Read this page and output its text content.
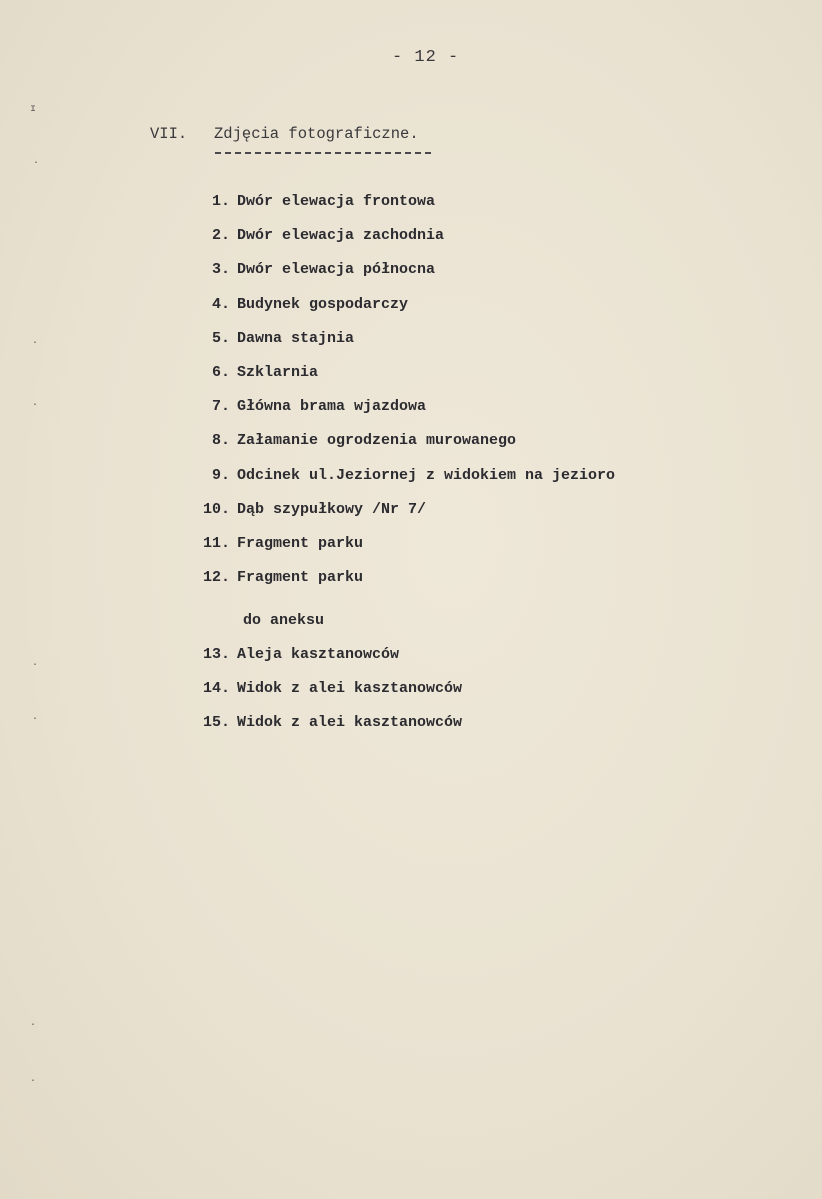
- 12 -
VII. Zdjęcia fotograficzne.
1. Dwór elewacja frontowa
2. Dwór elewacja zachodnia
3. Dwór elewacja północna
4. Budynek gospodarczy
5. Dawna stajnia
6. Szklarnia
7. Główna brama wjazdowa
8. Załamanie ogrodzenia murowanego
9. Odcinek ul.Jeziornej z widokiem na jezioro
10. Dąb szypułkowy /Nr 7/
11. Fragment parku
12. Fragment parku
do aneksu
13. Aleja kasztanowców
14. Widok z alei kasztanowców
15. Widok z alei kasztanowców
ɪ
·
·
·
·
·
·
·
